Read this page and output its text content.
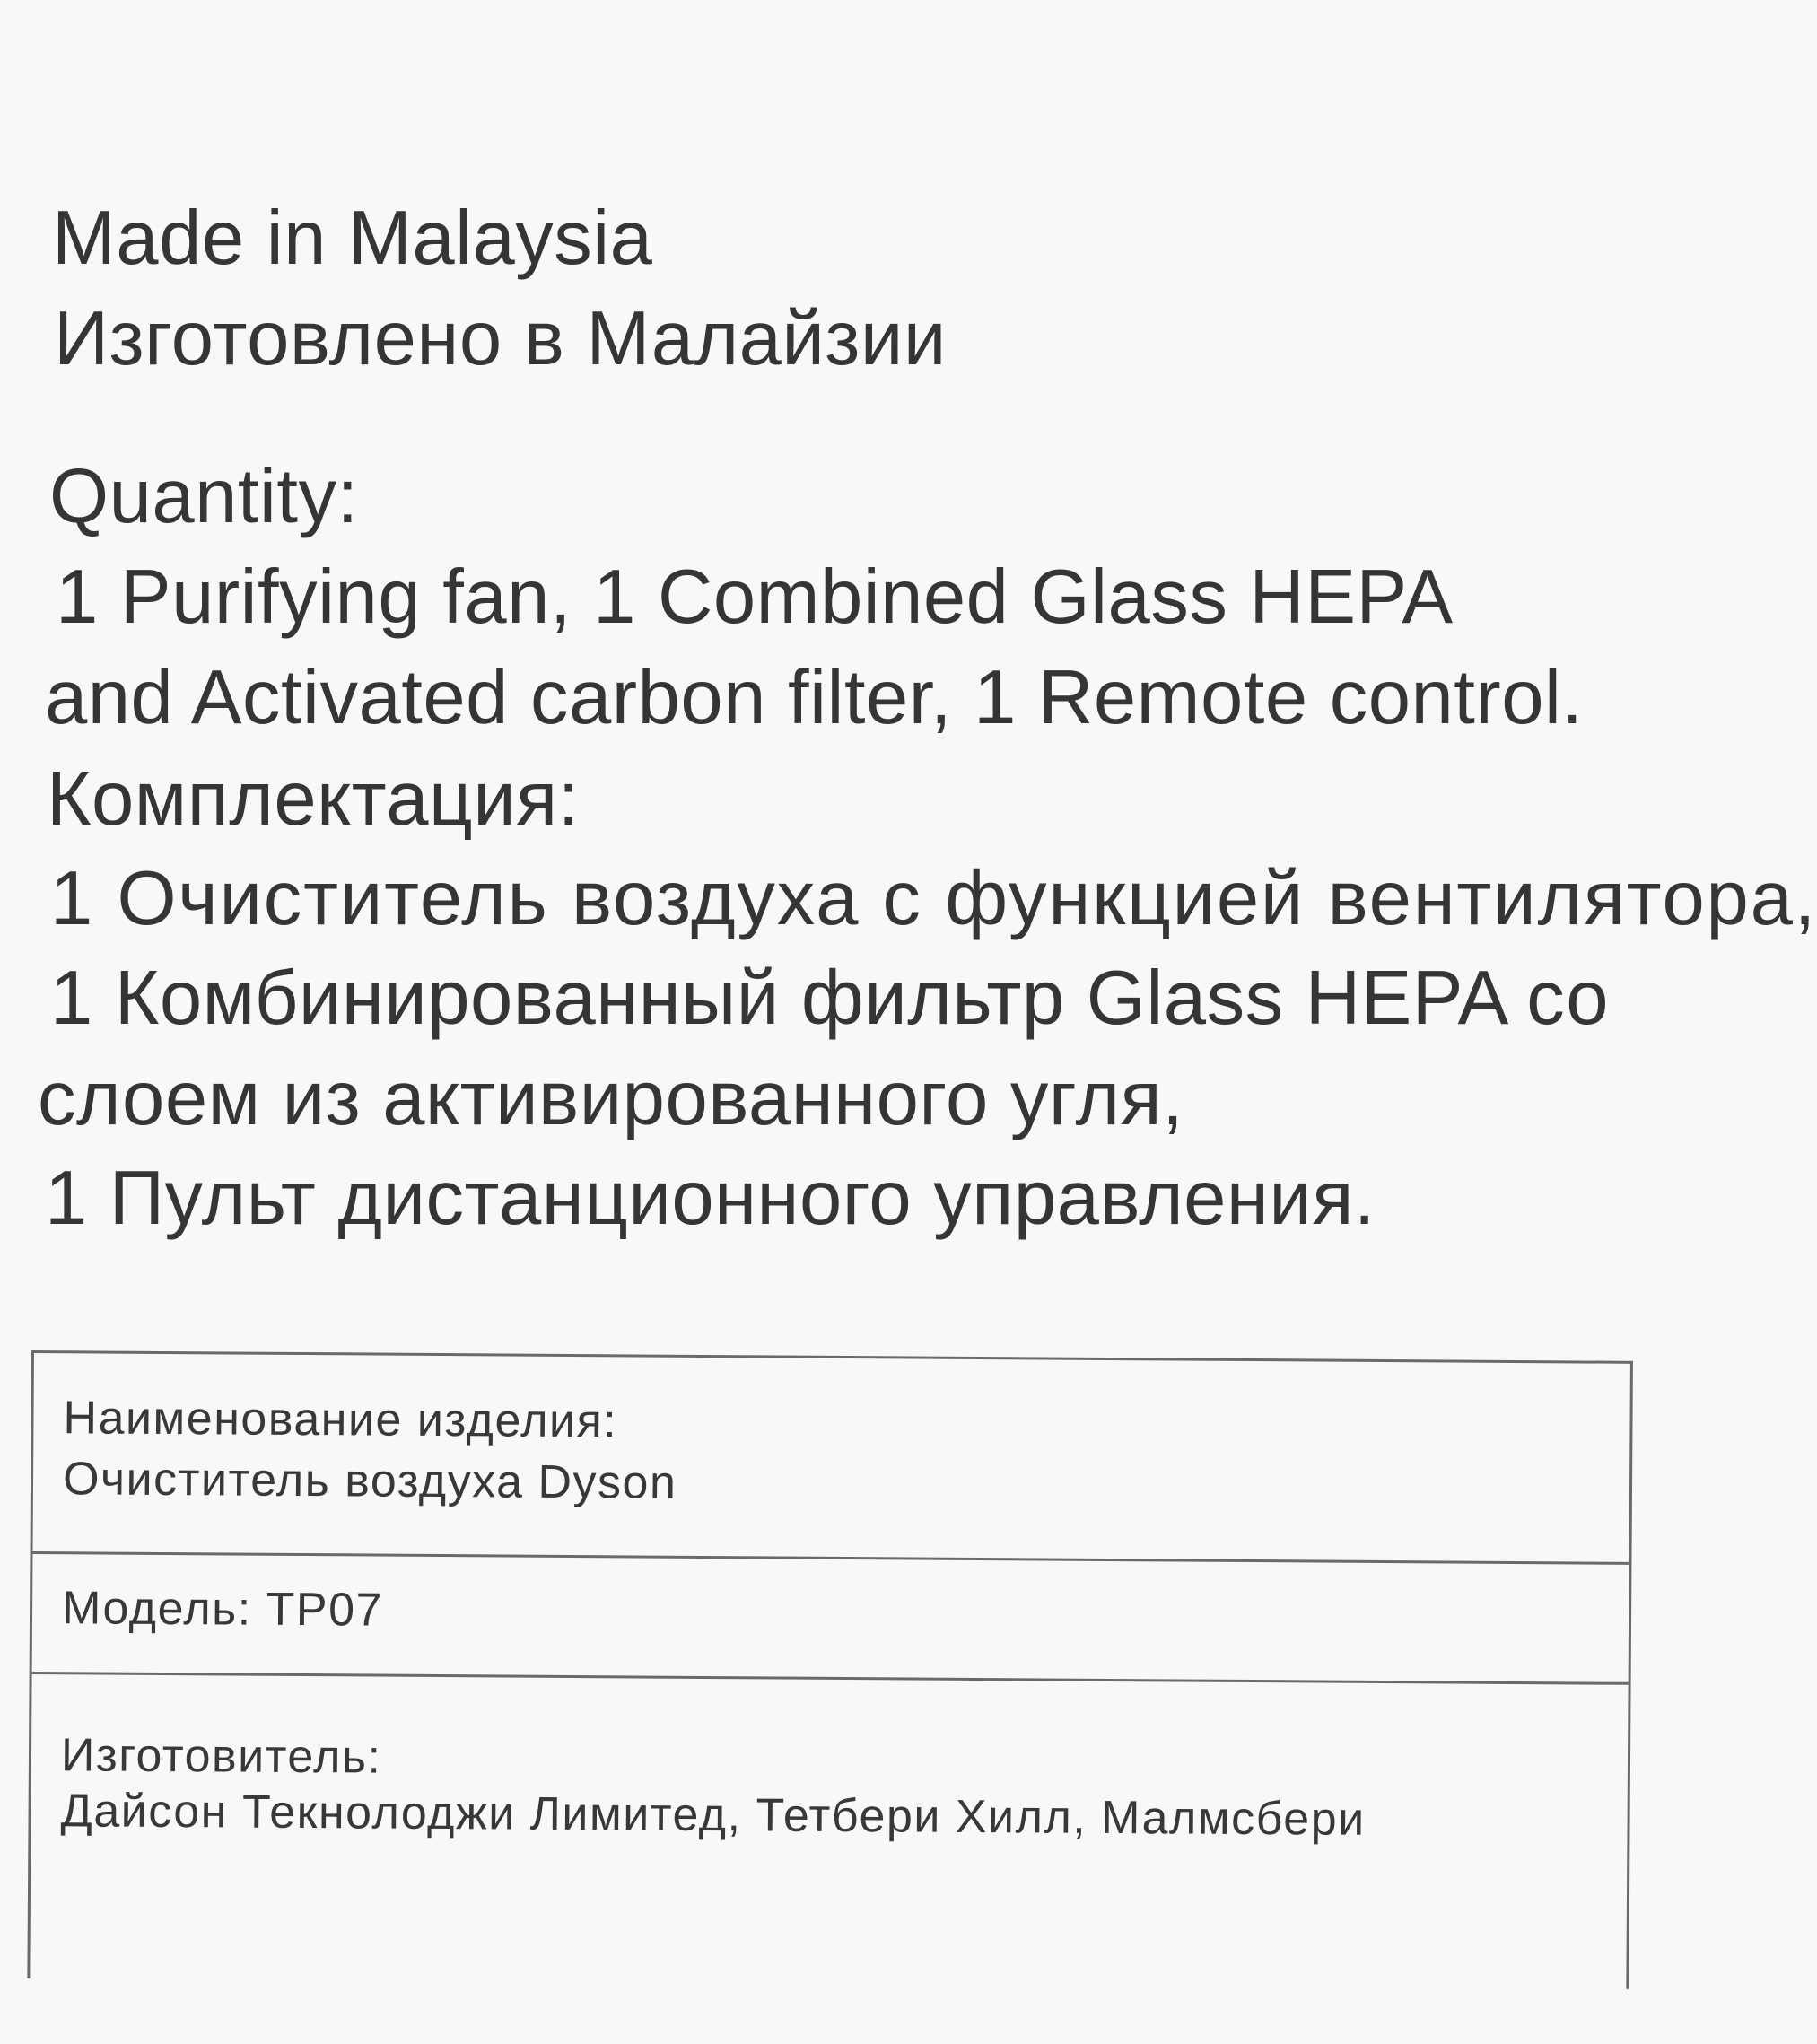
Made in Malaysia
Изготовлено в Малайзии
Quantity:
1 Purifying fan, 1 Combined Glass HEPA
and Activated carbon filter, 1 Remote control.
Комплектация:
1 Очиститель воздуха с функцией вентилятора,
1 Комбинированный фильтр Glass HEPA со
слоем из активированного угля,
1 Пульт дистанционного управления.
Наименование изделия:
Очиститель воздуха Dyson
Модель: TP07
Изготовитель:
Дайсон Текнолоджи Лимитед, Тетбери Хилл, Малмсбери
